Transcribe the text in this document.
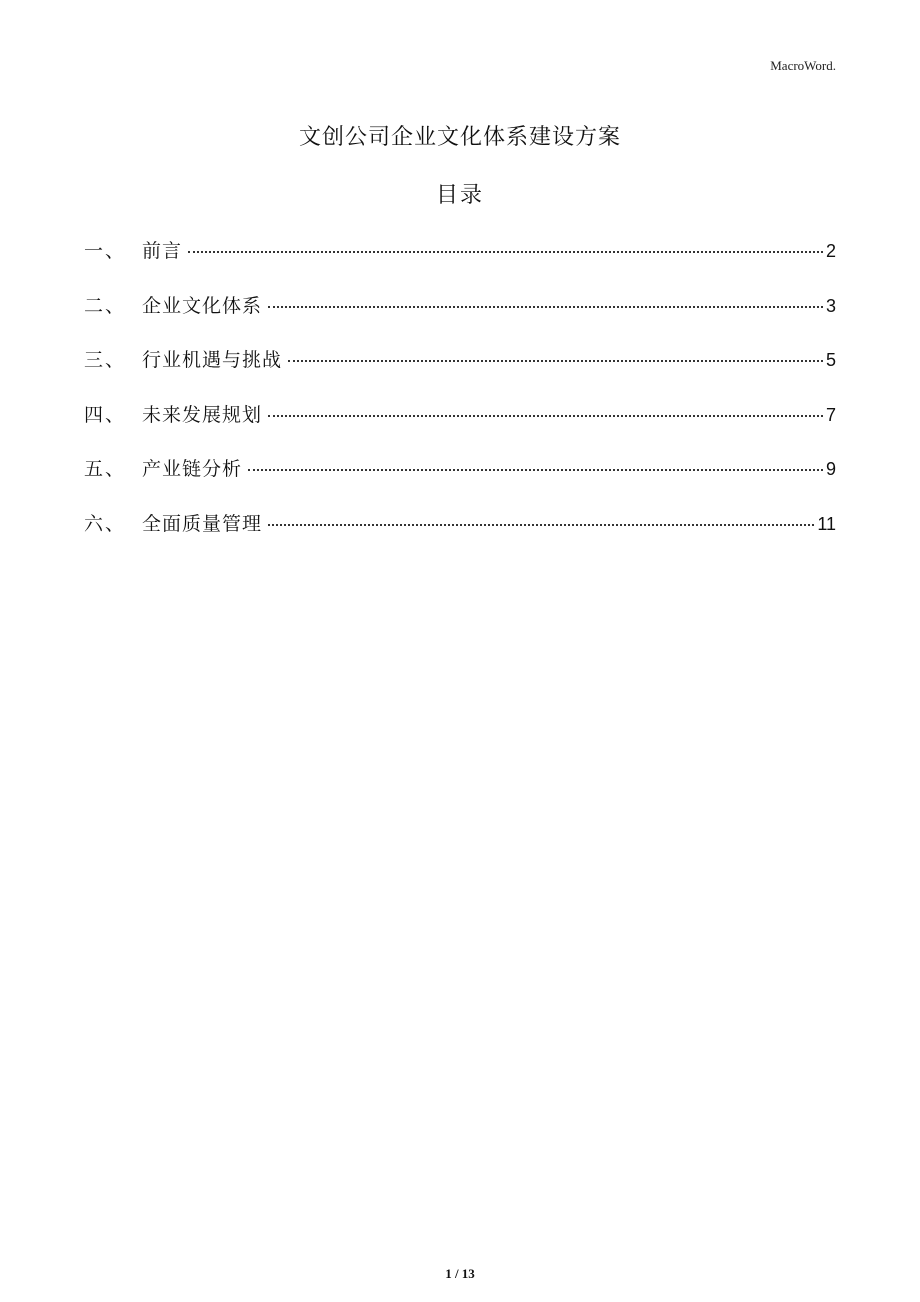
MacroWord.
文创公司企业文化体系建设方案
目录
一、 前言	2
二、 企业文化体系	3
三、 行业机遇与挑战	5
四、 未来发展规划	7
五、 产业链分析	9
六、 全面质量管理	11
1 / 13
